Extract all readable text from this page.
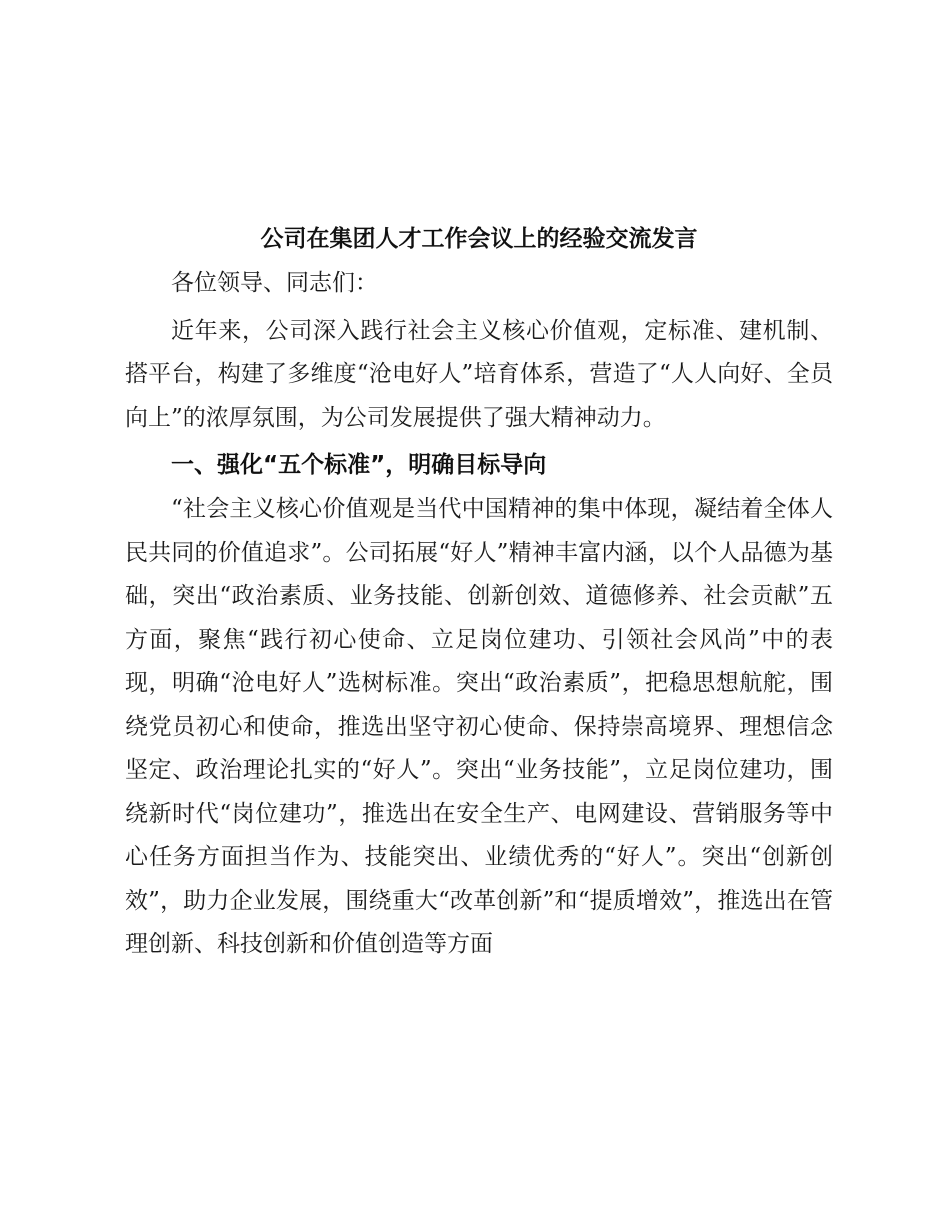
公司在集团人才工作会议上的经验交流发言

各位领导、同志们：

近年来，公司深入践行社会主义核心价值观，定标准、建机制、搭平台，构建了多维度“沧电好人”培育体系，营造了“人人向好、全员向上”的浓厚氛围，为公司发展提供了强大精神动力。

一、强化“五个标准”，明确目标导向

“社会主义核心价值观是当代中国精神的集中体现，凝结着全体人民共同的价值追求”。公司拓展“好人”精神丰富内涵，以个人品德为基础，突出“政治素质、业务技能、创新创效、道德修养、社会贡献”五方面，聚焦“践行初心使命、立足岗位建功、引领社会风尚”中的表现，明确“沧电好人”选树标准。突出“政治素质”，把稳思想航舵，围绕党员初心和使命，推选出坚守初心使命、保持崇高境界、理想信念坚定、政治理论扎实的“好人”。突出“业务技能”，立足岗位建功，围绕新时代“岗位建功”，推选出在安全生产、电网建设、营销服务等中心任务方面担当作为、技能突出、业绩优秀的“好人”。突出“创新创效”，助力企业发展，围绕重大“改革创新”和“提质增效”，推选出在管理创新、科技创新和价值创造等方面
